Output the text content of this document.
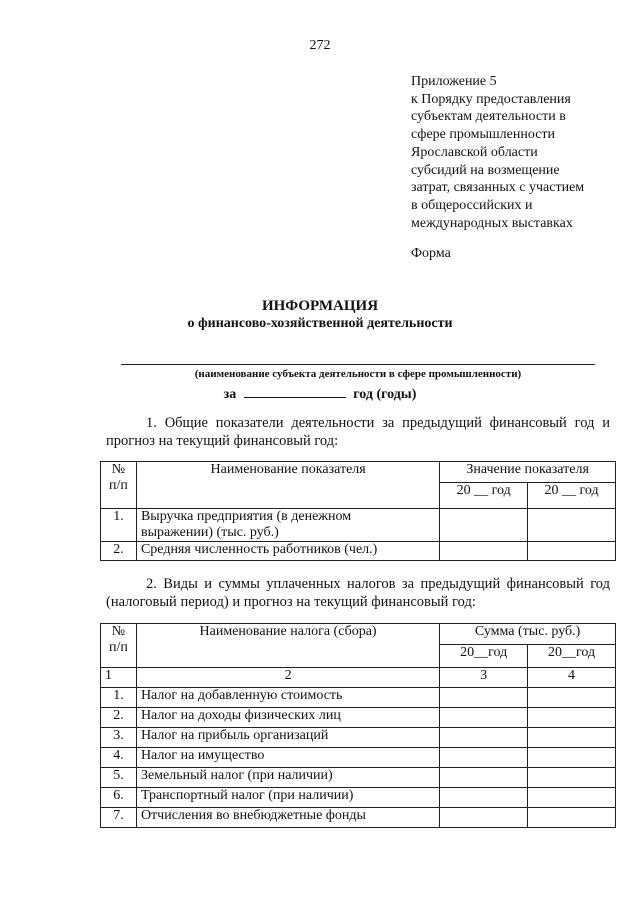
272
Приложение 5
к Порядку предоставления
субъектам деятельности в
сфере промышленности
Ярославской области
субсидий на возмещение
затрат, связанных с участием
в общероссийских и
международных выставках
Форма
ИНФОРМАЦИЯ
о финансово-хозяйственной деятельности
(наименование субъекта деятельности в сфере промышленности)
за	год (годы)
1. Общие показатели деятельности за предыдущий финансовый год и
прогноз на текущий финансовый год:
№
п/п	Наименование показателя	Значение показателя	
		20 __ год	20 __ год
1.	Выручка предприятия (в денежном
выражении) (тыс. руб.)		

2.	Средняя численность работников (чел.)		
2. Виды и суммы уплаченных налогов за предыдущий финансовый год
(налоговый период) и прогноз на текущий финансовый год:
№
п/п	Наименование налога (сбора)	Сумма (тыс. руб.)	
		20__год	20__год
1	2	3	4
1.	Налог на добавленную стоимость		
2.	Налог на доходы физических лиц		
3.	Налог на прибыль организаций		
4.	Налог на имущество		
5.	Земельный налог (при наличии)		
6.	Транспортный налог (при наличии)		
7.	Отчисления во внебюджетные фонды		
